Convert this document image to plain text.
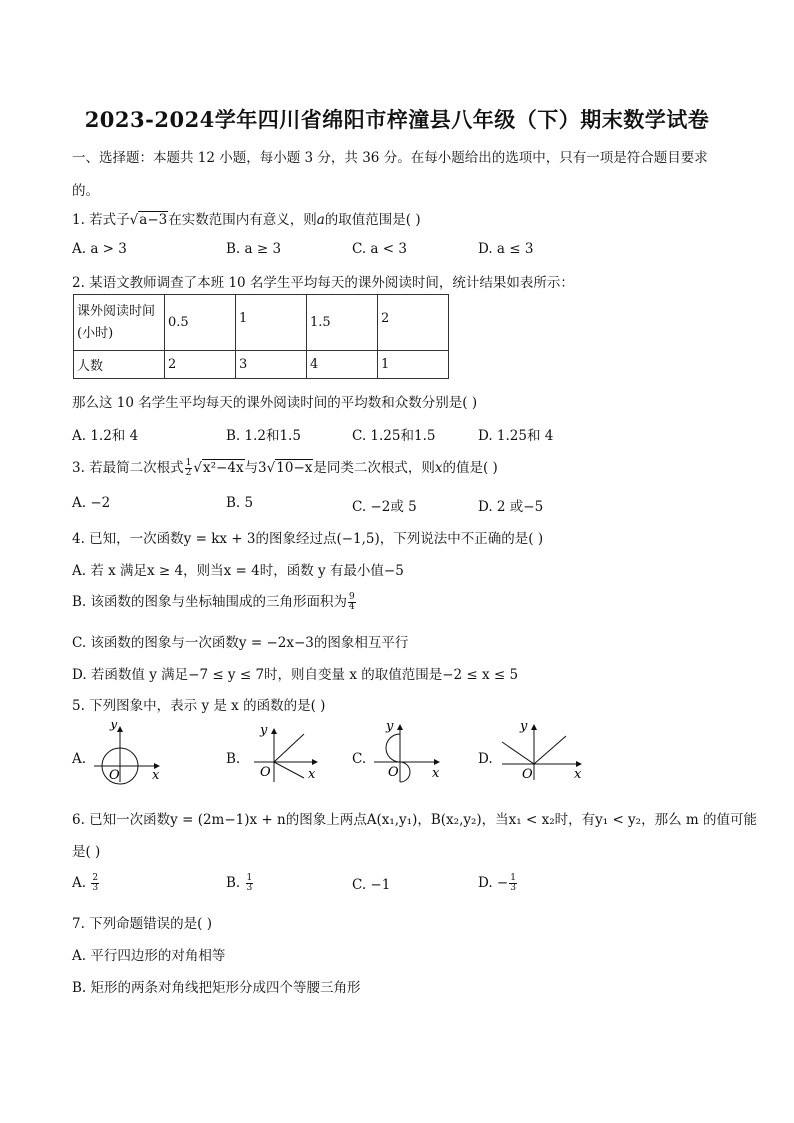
2023-2024学年四川省绵阳市梓潼县八年级（下）期末数学试卷
一、选择题：本题共 12 小题，每小题 3 分，共 36 分。在每小题给出的选项中，只有一项是符合题目要求
的。
1. 若式子√a−3在实数范围内有意义，则a的取值范围是( )
A. a > 3	B. a ≥ 3	C. a < 3	D. a ≤ 3
2. 某语文教师调查了本班 10 名学生平均每天的课外阅读时间，统计结果如表所示：
课外阅读时间
(小时)	0.5	1	1.5	2
人数	2	3	4	1
那么这 10 名学生平均每天的课外阅读时间的平均数和众数分别是( )
A. 1.2和 4	B. 1.2和1.5	C. 1.25和1.5	D. 1.25和 4
3. 若最简二次根式 $\frac{1}{2} √x^2-4x$与3√10−x是同类二次根式，则x的值是( )
A. −2	B. 5	C. −2或 5	D. 2 或−5
4. 已知，一次函数y = kx + 3的图象经过点(−1,5)，下列说法中不正确的是( )
A. 若 x 满足x ≥ 4，则当x = 4时，函数 y 有最小值−5
B. 该函数的图象与坐标轴围成的三角形面积为 $\frac{9}{4}$
C. 该函数的图象与一次函数y = −2x−3的图象相互平行
D. 若函数值 y 满足−7 ≤ y ≤ 7时，则自变量 x 的取值范围是−2 ≤ x ≤ 5
5. 下列图象中，表示 y 是 x 的函数的是( )
A.
y
x
O
B.
y
x
O
C.
y
x
O
D.
y
x
O
6. 已知一次函数y = (2m−1)x + n的图象上两点A(x₁,y₁)，B(x₂,y₂)，当x₁ < x₂时，有y₁ < y₂，那么 m 的值可能
是( )
A. $\frac{2}{3}$	B. $\frac{1}{3}$	C. −1	D. − $\frac{1}{3}$
7. 下列命题错误的是( )
A. 平行四边形的对角相等
B. 矩形的两条对角线把矩形分成四个等腰三角形
